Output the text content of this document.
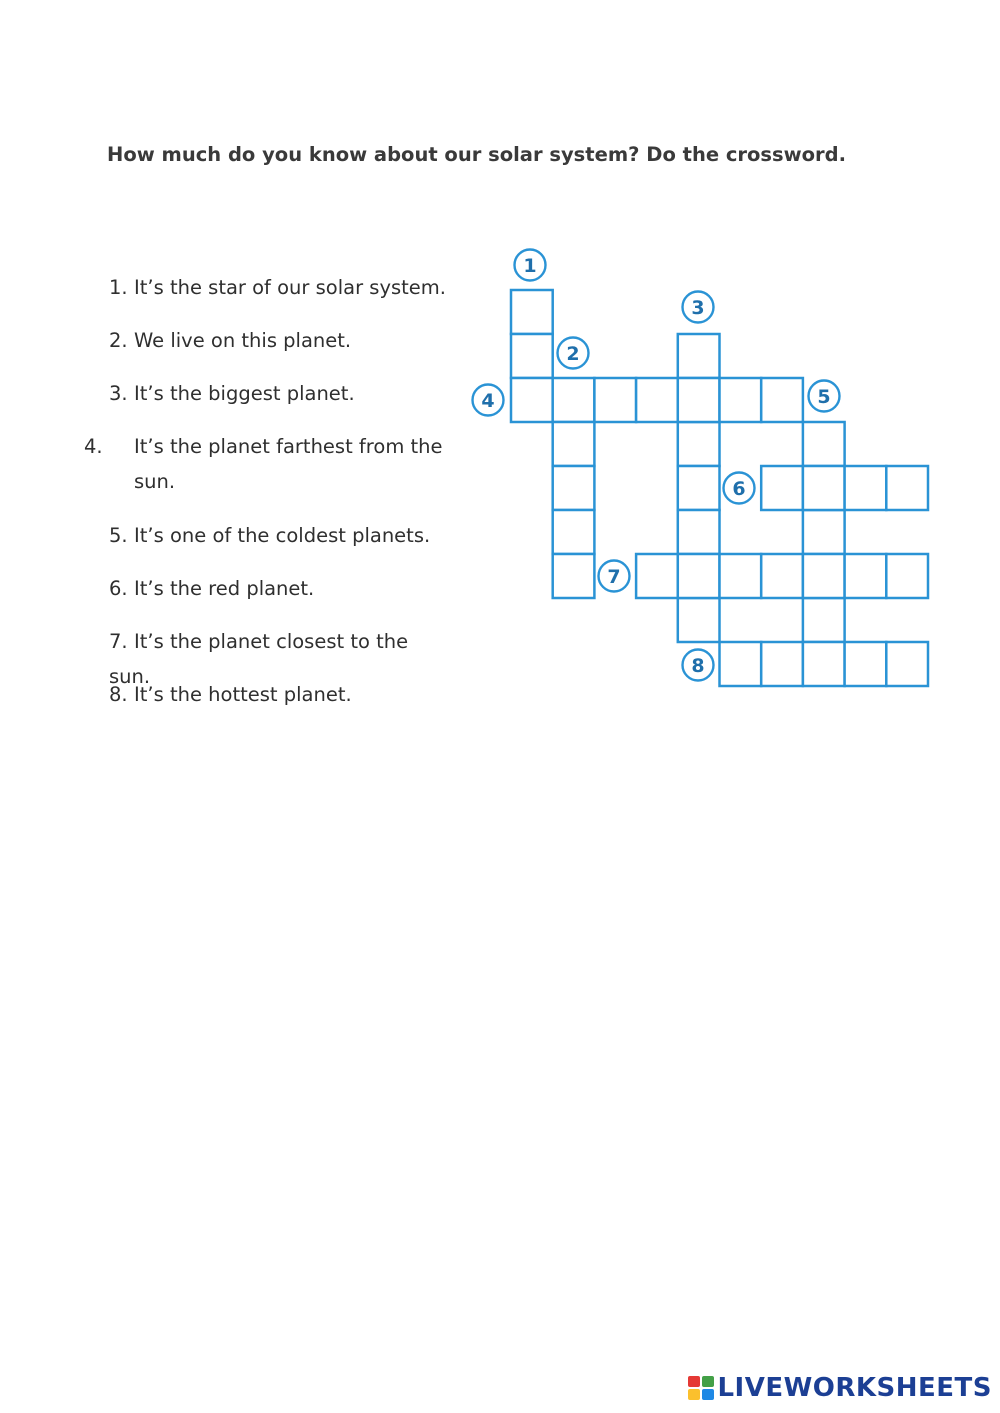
How much do you know about our solar system? Do the crossword.

1. It’s the star of our solar system.
2. We live on this planet.
3. It’s the biggest planet.
4. It’s the planet farthest from the sun.
5. It’s one of the coldest planets.
6. It’s the red planet.
7. It’s the planet closest to the sun.
8. It’s the hottest planet.
1
2
3
4	5
6
7
8
LIVEWORKSHEETS
